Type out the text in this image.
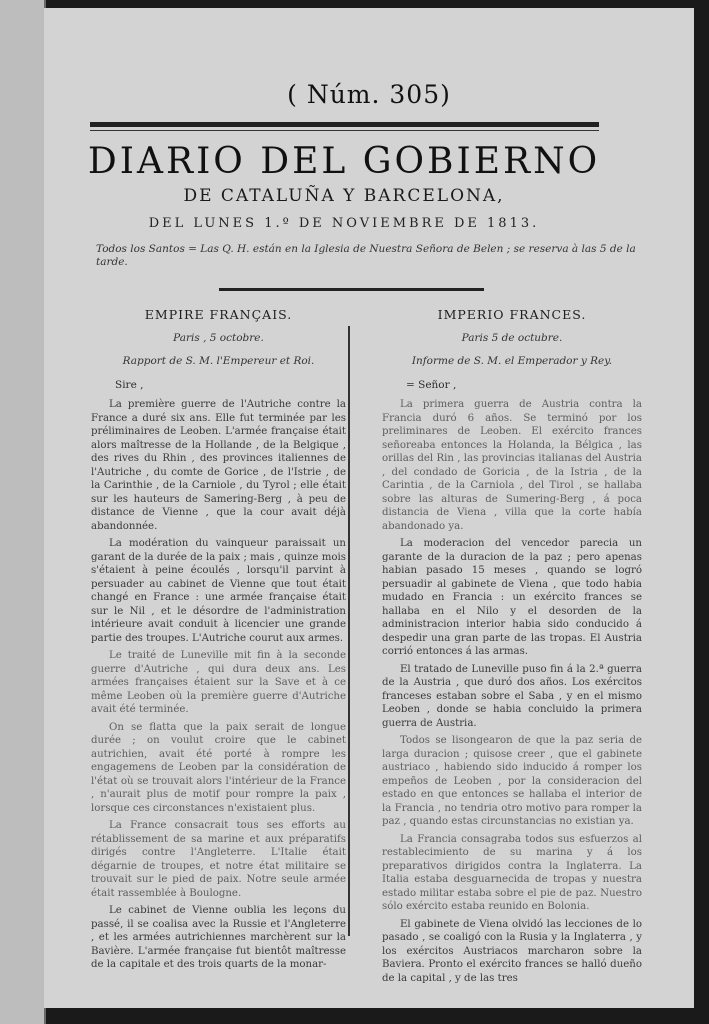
( Núm. 305)
DIARIO DEL GOBIERNO
DE CATALUÑA Y BARCELONA,
DEL LUNES 1.º DE NOVIEMBRE DE 1813.
Todos los Santos = Las Q. H. están en la Iglesia de Nuestra Señora de Belen ; se reserva à las 5 de la tarde.
EMPIRE FRANÇAIS.
Paris , 5 octobre.
Rapport de S. M. l'Empereur et Roi.
Sire ,

La première guerre de l'Autriche contre la France a duré six ans. Elle fut terminée par les préliminaires de Leoben. L'armée française était alors maîtresse de la Hollande , de la Belgique , des rives du Rhin , des provinces italiennes de l'Autriche , du comte de Gorice , de l'Istrie , de la Carinthie , de la Carniole , du Tyrol ; elle était sur les hauteurs de Samering-Berg , à peu de distance de Vienne , que la cour avait déjà abandonnée.

La modération du vainqueur paraissait un garant de la durée de la paix ; mais , quinze mois s'étaient à peine écoulés , lorsqu'il parvint à persuader au cabinet de Vienne que tout était changé en France : une armée française était sur le Nil , et le désordre de l'administration intérieure avait conduit à licencier une grande partie des troupes. L'Autriche courut aux armes.

Le traité de Luneville mit fin à la seconde guerre d'Autriche , qui dura deux ans. Les armées françaises étaient sur la Save et à ce même Leoben où la première guerre d'Autriche avait été terminée.

On se flatta que la paix serait de longue durée ; on voulut croire que le cabinet autrichien, avait été porté à rompre les engagemens de Leoben par la considération de l'état où se trouvait alors l'intérieur de la France , n'aurait plus de motif pour rompre la paix , lorsque ces circonstances n'existaient plus.

La France consacrait tous ses efforts au rétablissement de sa marine et aux préparatifs dirigés contre l'Angleterre. L'Italie était dégarnie de troupes, et notre état militaire se trouvait sur le pied de paix. Notre seule armée était rassemblée à Boulogne.

Le cabinet de Vienne oublia les leçons du passé, il se coalisa avec la Russie et l'Angleterre , et les armées autrichiennes marchèrent sur la Bavière. L'armée française fut bientôt maîtresse de la capitale et des trois quarts de la monar-

IMPERIO FRANCES.
Paris 5 de octubre.
Informe de S. M. el Emperador y Rey.
= Señor ,

La primera guerra de Austria contra la Francia duró 6 años. Se terminó por los preliminares de Leoben. El exército frances señoreaba entonces la Holanda, la Bélgica , las orillas del Rin , las provincias italianas del Austria , del condado de Goricia , de la Istria , de la Carintia , de la Carniola , del Tirol , se hallaba sobre las alturas de Sumering-Berg , á poca distancia de Viena , villa que la corte había abandonado ya.

La moderacion del vencedor parecia un garante de la duracion de la paz ; pero apenas habian pasado 15 meses , quando se logró persuadir al gabinete de Viena , que todo habia mudado en Francia : un exército frances se hallaba en el Nilo y el desorden de la administracion interior habia sido conducido á despedir una gran parte de las tropas. El Austria corrió entonces á las armas.

El tratado de Luneville puso fin á la 2.ª guerra de la Austria , que duró dos años. Los exércitos franceses estaban sobre el Saba , y en el mismo Leoben , donde se habia concluido la primera guerra de Austria.

Todos se lisongearon de que la paz seria de larga duracion ; quisose creer , que el gabinete austriaco , habiendo sido inducido á romper los empeños de Leoben , por la consideracion del estado en que entonces se hallaba el interior de la Francia , no tendria otro motivo para romper la paz , quando estas circunstancias no existian ya.

La Francia consagraba todos sus esfuerzos al restablecimiento de su marina y á los preparativos dirigidos contra la Inglaterra. La Italia estaba desguarnecida de tropas y nuestra estado militar estaba sobre el pie de paz. Nuestro sólo exército estaba reunido en Bolonia.

El gabinete de Viena olvidó las lecciones de lo pasado , se coaligó con la Rusia y la Inglaterra , y los exércitos Austriacos marcharon sobre la Baviera. Pronto el exército frances se halló dueño de la capital , y de las tres
